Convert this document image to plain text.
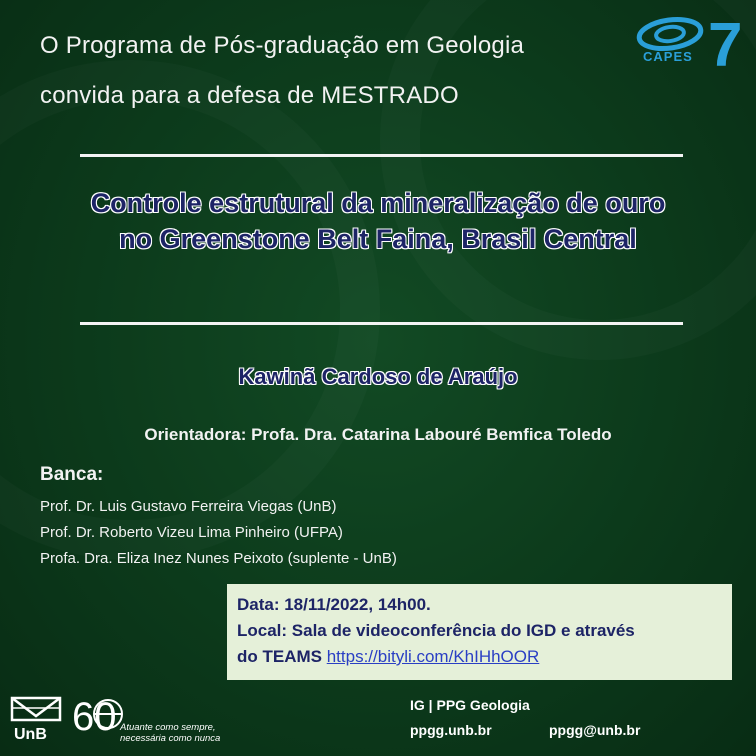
O Programa de Pós-graduação em Geologia
convida para a defesa de MESTRADO
7
CAPES
Controle estrutural da mineralização de ouro
no Greenstone Belt Faina, Brasil Central
Kawinã Cardoso de Araújo
Orientadora: Profa. Dra. Catarina Labouré Bemfica Toledo
Banca:
Prof. Dr. Luis Gustavo Ferreira Viegas (UnB)
Prof. Dr. Roberto Vizeu Lima Pinheiro (UFPA)
Profa. Dra. Eliza Inez Nunes Peixoto (suplente - UnB)
Data: 18/11/2022, 14h00.
Local: Sala de videoconferência do IGD e através
do TEAMS https://bityli.com/KhIHhOOR
UnB 60 Atuante como sempre,
necessária como nunca
IG | PPG Geologia
ppgg.unb.br	ppgg@unb.br
